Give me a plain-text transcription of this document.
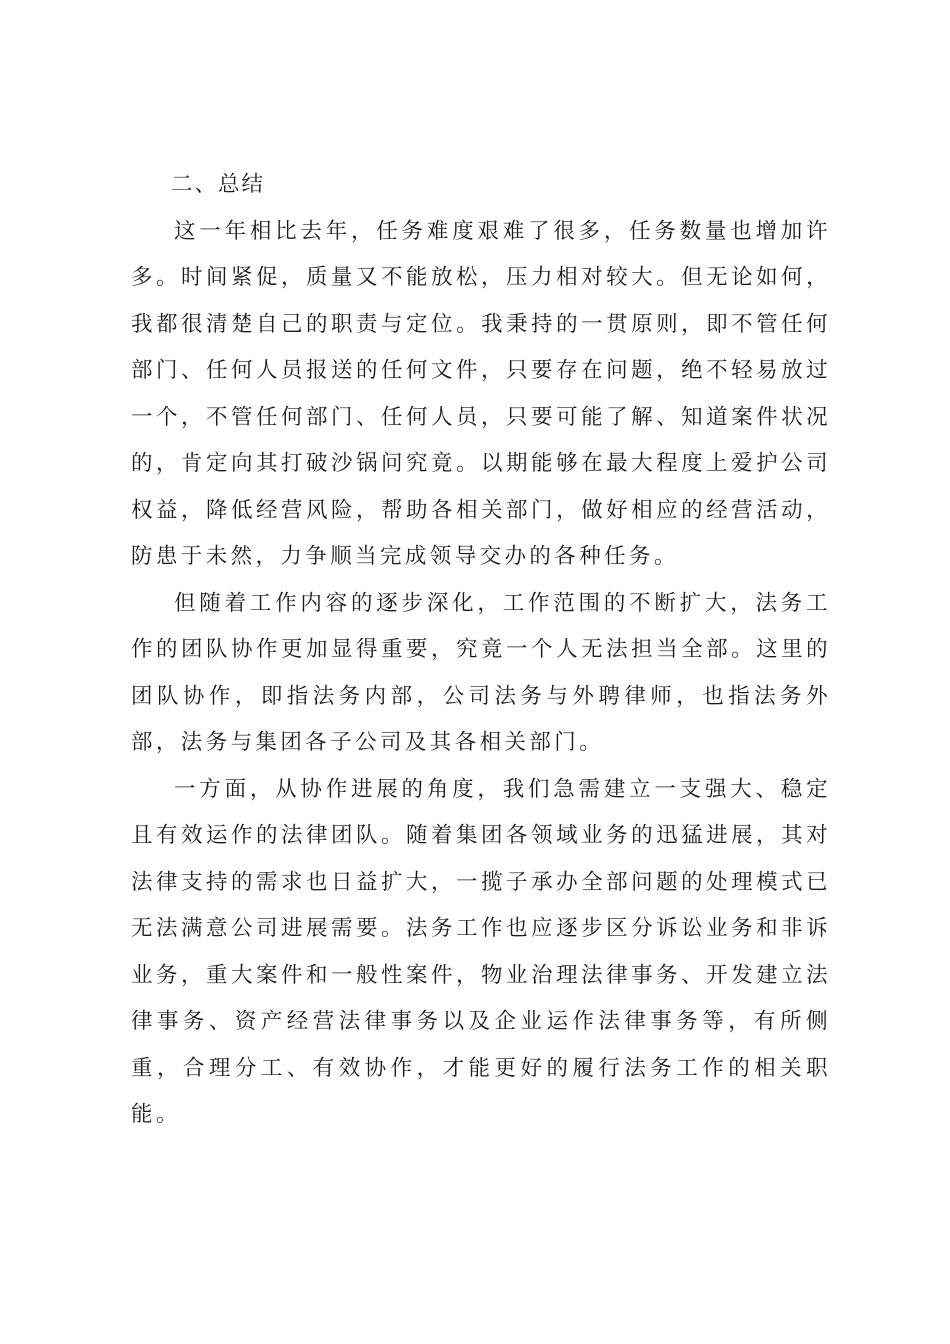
二、总结

这一年相比去年，任务难度艰难了很多，任务数量也增加许多。时间紧促，质量又不能放松，压力相对较大。但无论如何，我都很清楚自己的职责与定位。我秉持的一贯原则，即不管任何部门、任何人员报送的任何文件，只要存在问题，绝不轻易放过一个，不管任何部门、任何人员，只要可能了解、知道案件状况的，肯定向其打破沙锅问究竟。以期能够在最大程度上爱护公司权益，降低经营风险，帮助各相关部门，做好相应的经营活动，防患于未然，力争顺当完成领导交办的各种任务。

但随着工作内容的逐步深化，工作范围的不断扩大，法务工作的团队协作更加显得重要，究竟一个人无法担当全部。这里的团队协作，即指法务内部，公司法务与外聘律师，也指法务外部，法务与集团各子公司及其各相关部门。

一方面，从协作进展的角度，我们急需建立一支强大、稳定且有效运作的法律团队。随着集团各领域业务的迅猛进展，其对法律支持的需求也日益扩大，一揽子承办全部问题的处理模式已无法满意公司进展需要。法务工作也应逐步区分诉讼业务和非诉业务，重大案件和一般性案件，物业治理法律事务、开发建立法律事务、资产经营法律事务以及企业运作法律事务等，有所侧重，合理分工、有效协作，才能更好的履行法务工作的相关职能。
